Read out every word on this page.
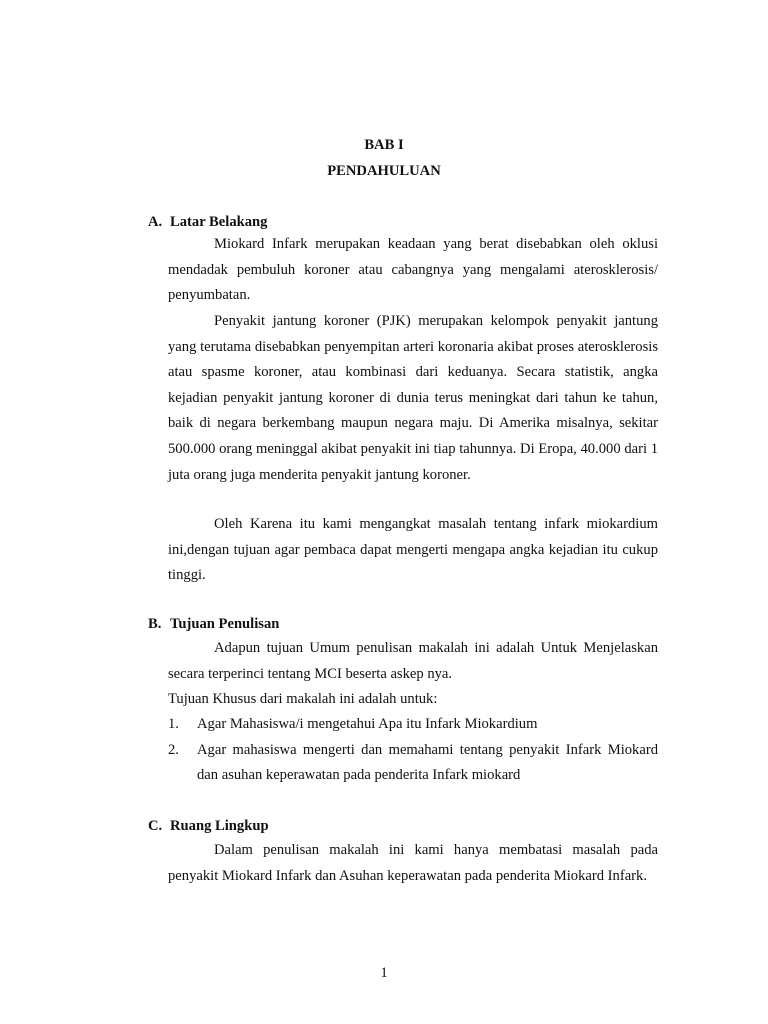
BAB I
PENDAHULUAN
A. Latar Belakang

Miokard Infark merupakan keadaan yang berat disebabkan oleh oklusi mendadak pembuluh koroner atau cabangnya yang mengalami aterosklerosis/ penyumbatan.

Penyakit jantung koroner (PJK) merupakan kelompok penyakit jantung yang terutama disebabkan penyempitan arteri koronaria akibat proses aterosklerosis atau spasme koroner, atau kombinasi dari keduanya. Secara statistik, angka kejadian penyakit jantung koroner di dunia terus meningkat dari tahun ke tahun, baik di negara berkembang maupun negara maju. Di Amerika misalnya, sekitar 500.000 orang meninggal akibat penyakit ini tiap tahunnya. Di Eropa, 40.000 dari 1 juta orang juga menderita penyakit jantung koroner.

Oleh Karena itu kami mengangkat masalah tentang infark miokardium ini,dengan tujuan agar pembaca dapat mengerti mengapa angka kejadian itu cukup tinggi.

B. Tujuan Penulisan

Adapun tujuan Umum penulisan makalah ini adalah Untuk Menjelaskan secara terperinci tentang MCI beserta askep nya.

Tujuan Khusus dari makalah ini adalah untuk:

1. Agar Mahasiswa/i mengetahui Apa itu Infark Miokardium
2. Agar mahasiswa mengerti dan memahami tentang penyakit Infark Miokard dan asuhan keperawatan pada penderita Infark miokard
C. Ruang Lingkup

Dalam penulisan makalah ini kami hanya membatasi masalah pada penyakit Miokard Infark dan Asuhan keperawatan pada penderita Miokard Infark.

1
